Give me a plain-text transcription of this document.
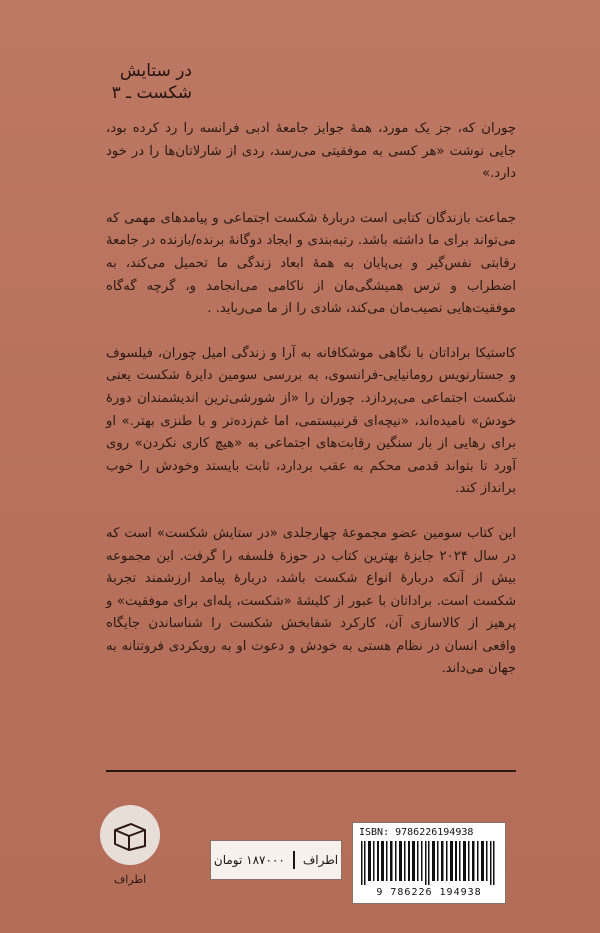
در ستایش
شکست ـ ۳

چوران که، جز یک مورد، همهٔ جوایز جامعهٔ ادبی فرانسه را رد کرده بود، جایی نوشت «هر کسی به موفقیتی می‌رسد، ردی از شارلاتان‌ها را در خود دارد.»

جماعت بازندگان کتابی است دربارهٔ شکست اجتماعی و پیامدهای مهمی که می‌تواند برای ما داشته باشد. رتبه‌بندی و ایجاد دوگانهٔ برنده/بازنده در جامعهٔ رقابتی نفس‌گیر و بی‌پایان به همهٔ ابعاد زندگی ما تحمیل می‌کند، به اضطراب و ترس همیشگی‌مان از ناکامی می‌انجامد و، گرچه گه‌گاه موفقیت‌هایی نصیب‌مان می‌کند، شادی را از ما می‌رباید. .

کاستیکا براداتان با نگاهی موشکافانه به آرا و زندگی امیل چوران، فیلسوف و جستارنویس رومانیایی-فرانسوی، به بررسی سومین دایرهٔ شکست یعنی شکست اجتماعی می‌پردازد. چوران را «از شورشی‌ترین اندیشمندان دورهٔ خودش» نامیده‌اند، «نیچه‌ای قرنبیستمی، اما غم‌زده‌تر و با طنزی بهتر.» او برای رهایی از بار سنگین رقابت‌های اجتماعی به «هیچ کاری نکردن» روی آورد تا بتواند قدمی محکم به عقب بردارد، ثابت بایستد وخودش را خوب برانداز کند.

این کتاب سومین عضو مجموعهٔ چهارجلدی «در ستایش شکست» است که در سال ۲۰۲۴ جایزهٔ بهترین کتاب در حوزهٔ فلسفه را گرفت. این مجموعه بیش از آنکه دربارهٔ انواع شکست باشد، دربارهٔ پیامد ارزشمند تجربهٔ شکست است. براداتان با عبور از کلیشهٔ «شکست، پله‌ای برای موفقیت» و پرهیز از کالاسازی آن، کارکرد شفابخش شکست را شناساندن جایگاه واقعی انسان در نظام هستی به خودش و دعوت او به رویکردی فروتنانه به جهان می‌داند.

اطراف
اطراف
۱۸۷۰۰۰ تومان
ISBN: 9786226194938
9 786226 194938
